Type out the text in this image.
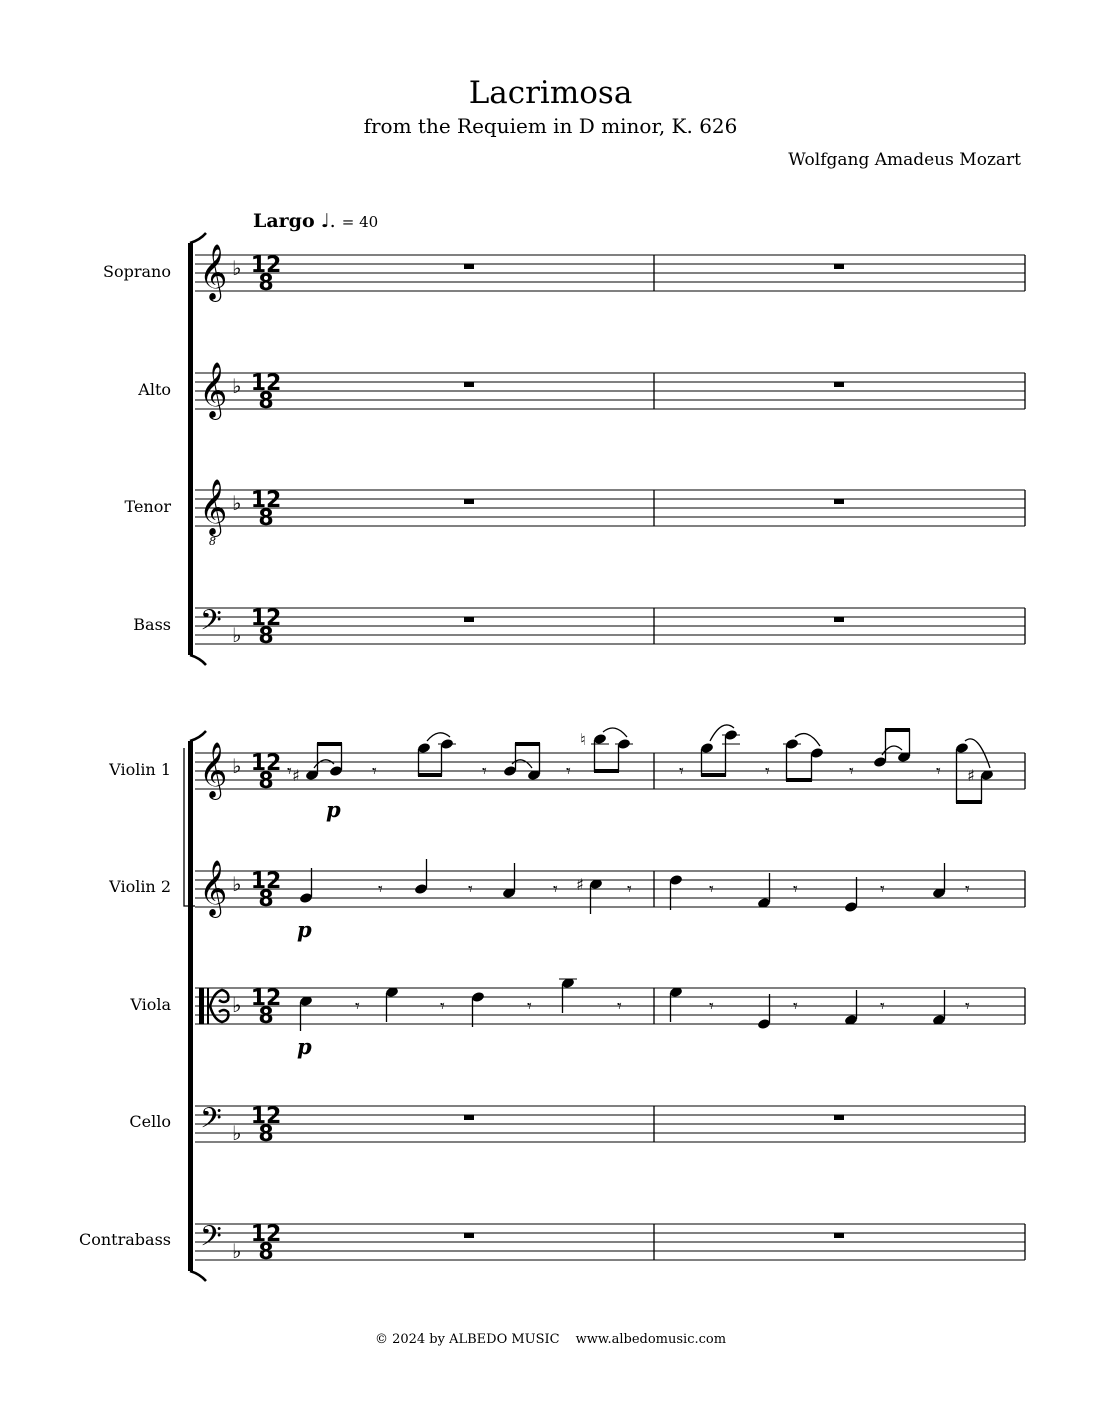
Lacrimosa
from the Requiem in D minor, K. 626
Wolfgang Amadeus Mozart
Largo ♩. = 40
Soprano
Alto
Tenor
Bass
Violin 1
Violin 2
Viola
Cello
Contrabass
𝄞 ♭ 12
8
𝄞 ♭ 12
8
𝄞
8
♭ 12
8
𝄢 ♭
12
8
𝄞 ♭ 12
8
𝄞 ♭ 12
8
♭ 12
8
𝄢 ♭
12
8
𝄢 ♭
12
8
𝄾 ♯	𝄾	𝄾	𝄾
♮
𝄾	𝄾	𝄾	𝄾 ♯
p
♯
𝄾	𝄾	𝄾	𝄾	𝄾	𝄾	𝄾	𝄾
p
𝄾	𝄾	𝄾	𝄾	𝄾	𝄾	𝄾	𝄾
p
© 2024 by ALBEDO MUSIC www.albedomusic.com
